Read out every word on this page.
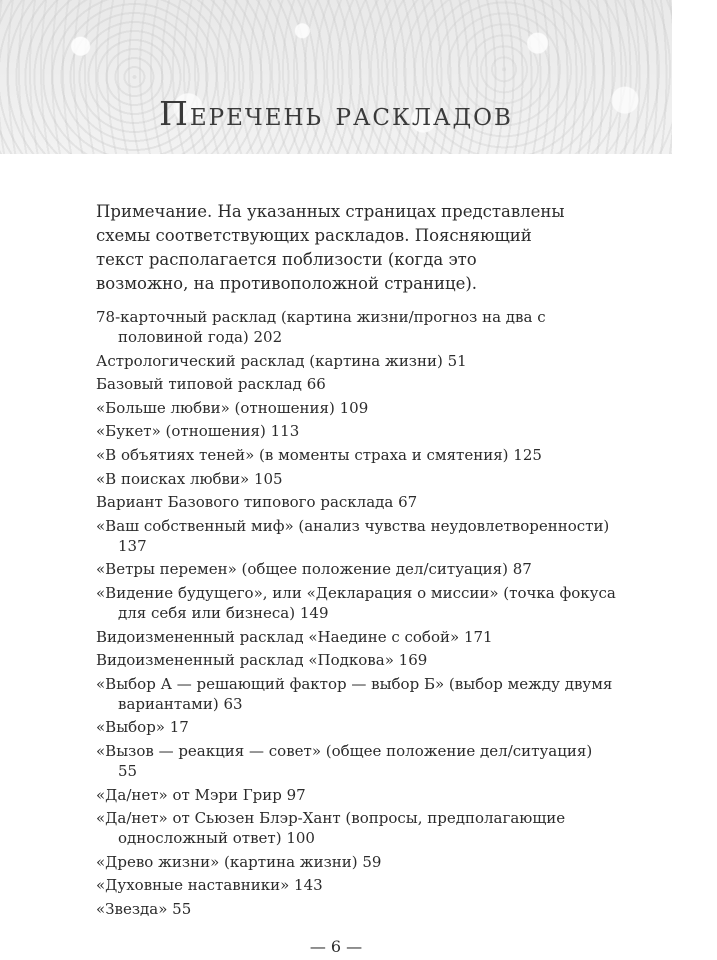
Перечень раскладов

Примечание. На указанных страницах представлены схемы соответствующих раскладов. Поясняющий текст располагается поблизости (когда это возможно, на противоположной странице).

78-карточный расклад (картина жизни/прогноз на два с половиной года) 202
Астрологический расклад (картина жизни) 51
Базовый типовой расклад 66
«Больше любви» (отношения) 109
«Букет» (отношения) 113
«В объятиях теней» (в моменты страха и смятения) 125
«В поисках любви» 105
Вариант Базового типового расклада 67
«Ваш собственный миф» (анализ чувства неудовлетворенности) 137
«Ветры перемен» (общее положение дел/ситуация) 87
«Видение будущего», или «Декларация о миссии» (точка фокуса для себя или бизнеса) 149
Видоизмененный расклад «Наедине с собой» 171
Видоизмененный расклад «Подкова» 169
«Выбор А — решающий фактор — выбор Б» (выбор между двумя вариантами) 63
«Выбор» 17
«Вызов — реакция — совет» (общее положение дел/ситуация) 55
«Да/нет» от Мэри Грир 97
«Да/нет» от Сьюзен Блэр-Хант (вопросы, предполагающие односложный ответ) 100
«Древо жизни» (картина жизни) 59
«Духовные наставники» 143
«Звезда» 55

— 6 —
